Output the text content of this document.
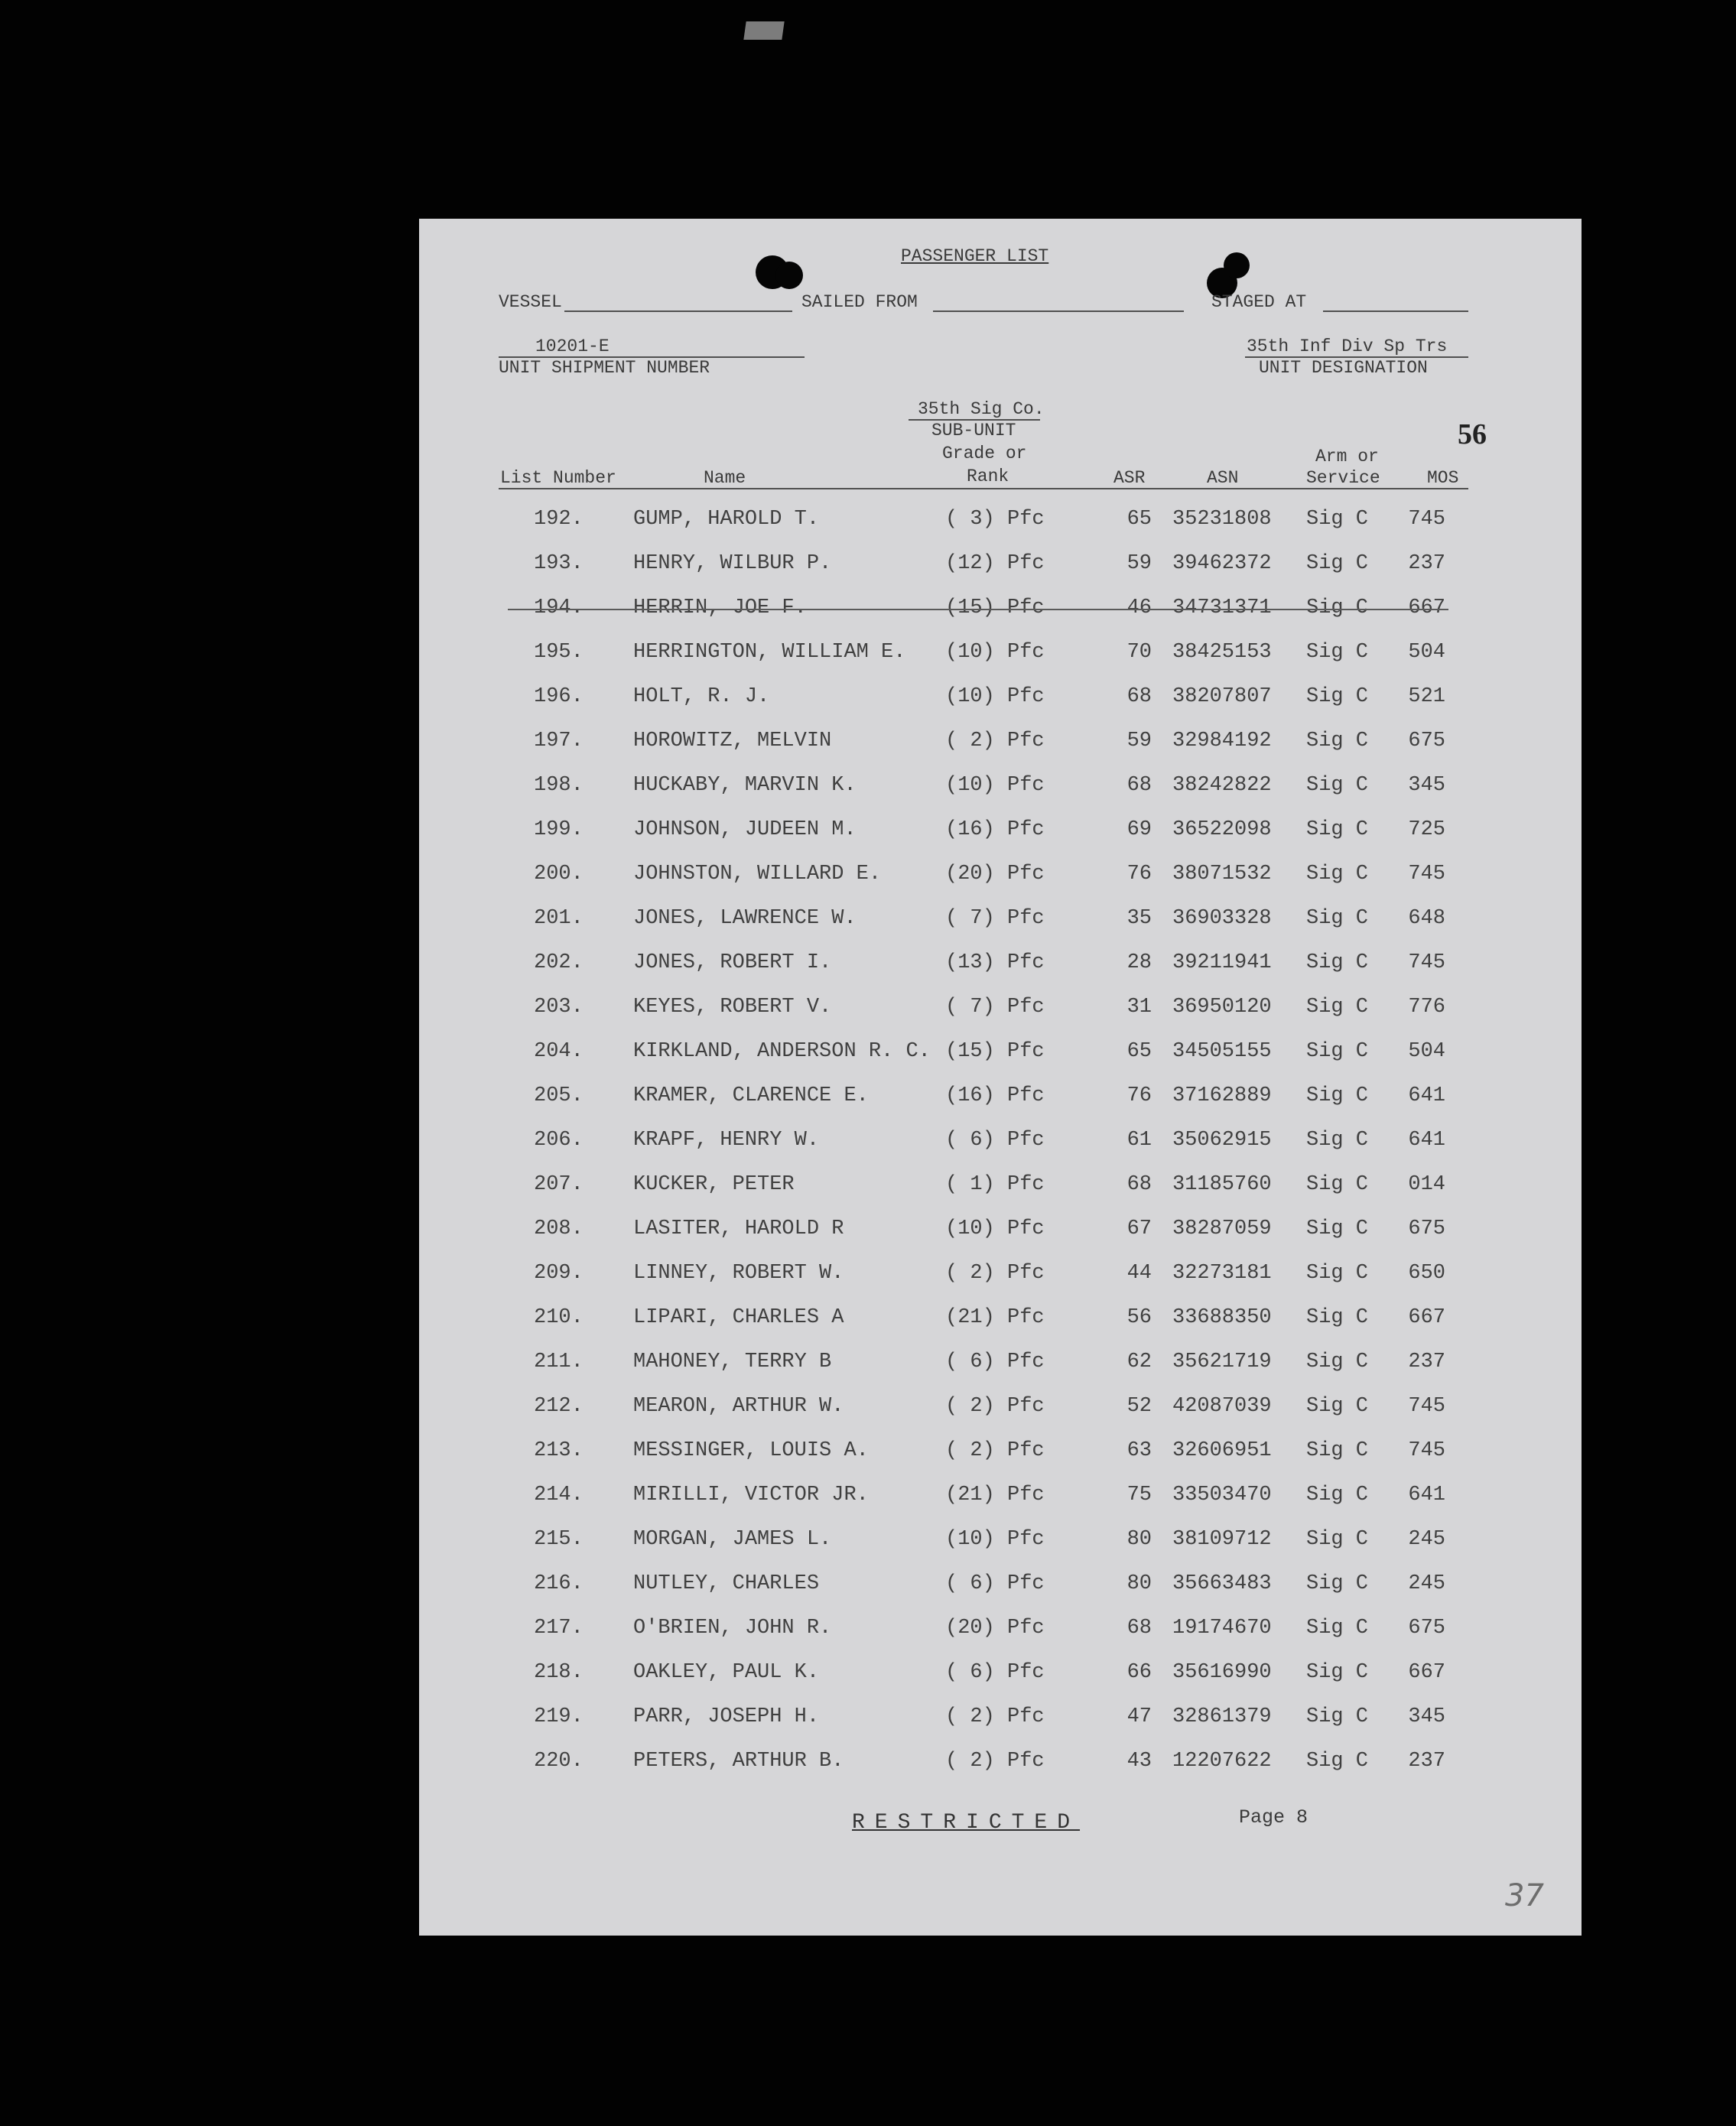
PASSENGER LIST
VESSEL	SAILED FROM	STAGED AT
10201-E
UNIT SHIPMENT NUMBER
35th Inf Div Sp Trs
UNIT DESIGNATION
35th Sig Co.
SUB-UNIT	56
Grade or	Arm or
List Number	Name	Rank	ASR	ASN	Service	MOS
192. GUMP, HAROLD T.	( 3) Pfc	65 35231808 Sig C	745
193. HENRY, WILBUR P.	(12) Pfc	59 39462372 Sig C	237
194. HERRIN, JOE F.	(15) Pfc	46 34731371 Sig C	667
195. HERRINGTON, WILLIAM E. (10) Pfc	70 38425153 Sig C	504
196. HOLT, R. J.	(10) Pfc	68 38207807 Sig C	521
197. HOROWITZ, MELVIN	( 2) Pfc	59 32984192 Sig C	675
198. HUCKABY, MARVIN K.	(10) Pfc	68 38242822 Sig C	345
199. JOHNSON, JUDEEN M.	(16) Pfc	69 36522098 Sig C	725
200. JOHNSTON, WILLARD E.	(20) Pfc	76 38071532 Sig C	745
201. JONES, LAWRENCE W.	( 7) Pfc	35 36903328 Sig C	648
202. JONES, ROBERT I.	(13) Pfc	28 39211941 Sig C	745
203. KEYES, ROBERT V.	( 7) Pfc	31 36950120 Sig C	776
204. KIRKLAND, ANDERSON R. C. (15) Pfc	65 34505155 Sig C	504
205. KRAMER, CLARENCE E.	(16) Pfc	76 37162889 Sig C	641
206. KRAPF, HENRY W.	( 6) Pfc	61 35062915 Sig C	641
207. KUCKER, PETER	( 1) Pfc	68 31185760 Sig C	014
208. LASITER, HAROLD R	(10) Pfc	67 38287059 Sig C	675
209. LINNEY, ROBERT W.	( 2) Pfc	44 32273181 Sig C	650
210. LIPARI, CHARLES A	(21) Pfc	56 33688350 Sig C	667
211. MAHONEY, TERRY B	( 6) Pfc	62 35621719 Sig C	237
212. MEARON, ARTHUR W.	( 2) Pfc	52 42087039 Sig C	745
213. MESSINGER, LOUIS A.	( 2) Pfc	63 32606951 Sig C	745
214. MIRILLI, VICTOR JR.	(21) Pfc	75 33503470 Sig C	641
215. MORGAN, JAMES L.	(10) Pfc	80 38109712 Sig C	245
216. NUTLEY, CHARLES	( 6) Pfc	80 35663483 Sig C	245
217. O'BRIEN, JOHN R.	(20) Pfc	68 19174670 Sig C	675
218. OAKLEY, PAUL K.	( 6) Pfc	66 35616990 Sig C	667
219. PARR, JOSEPH H.	( 2) Pfc	47 32861379 Sig C	345
220. PETERS, ARTHUR B.	( 2) Pfc	43 12207622 Sig C	237
RESTRICTED	Page 8
37
